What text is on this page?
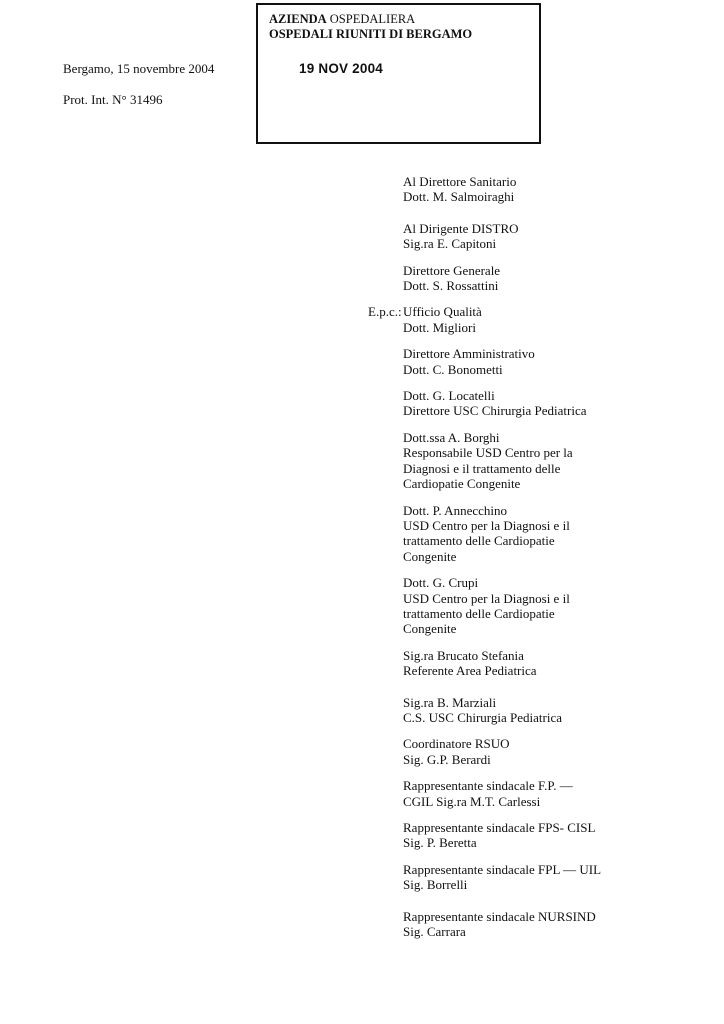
AZIENDA OSPEDALIERA
OSPEDALI RIUNITI DI BERGAMO
19 NOV 2004
Bergamo, 15 novembre 2004
Prot. Int. N° 31496
Al Direttore Sanitario
Dott. M. Salmoiraghi
Al Dirigente DISTRO
Sig.ra E. Capitoni
Direttore Generale
Dott. S. Rossattini
E.p.c.: Ufficio Qualità
Dott. Migliori
Direttore Amministrativo
Dott. C. Bonometti
Dott. G. Locatelli
Direttore USC Chirurgia Pediatrica
Dott.ssa A. Borghi
Responsabile USD Centro per la
Diagnosi e il trattamento delle
Cardiopatie Congenite
Dott. P. Annecchino
USD Centro per la Diagnosi e il
trattamento delle Cardiopatie
Congenite
Dott. G. Crupi
USD Centro per la Diagnosi e il
trattamento delle Cardiopatie
Congenite
Sig.ra Brucato Stefania
Referente Area Pediatrica
Sig.ra B. Marziali
C.S. USC Chirurgia Pediatrica
Coordinatore RSUO
Sig. G.P. Berardi
Rappresentante sindacale F.P. —
CGIL Sig.ra M.T. Carlessi
Rappresentante sindacale FPS- CISL
Sig. P. Beretta
Rappresentante sindacale FPL — UIL
Sig. Borrelli
Rappresentante sindacale NURSIND
Sig. Carrara
